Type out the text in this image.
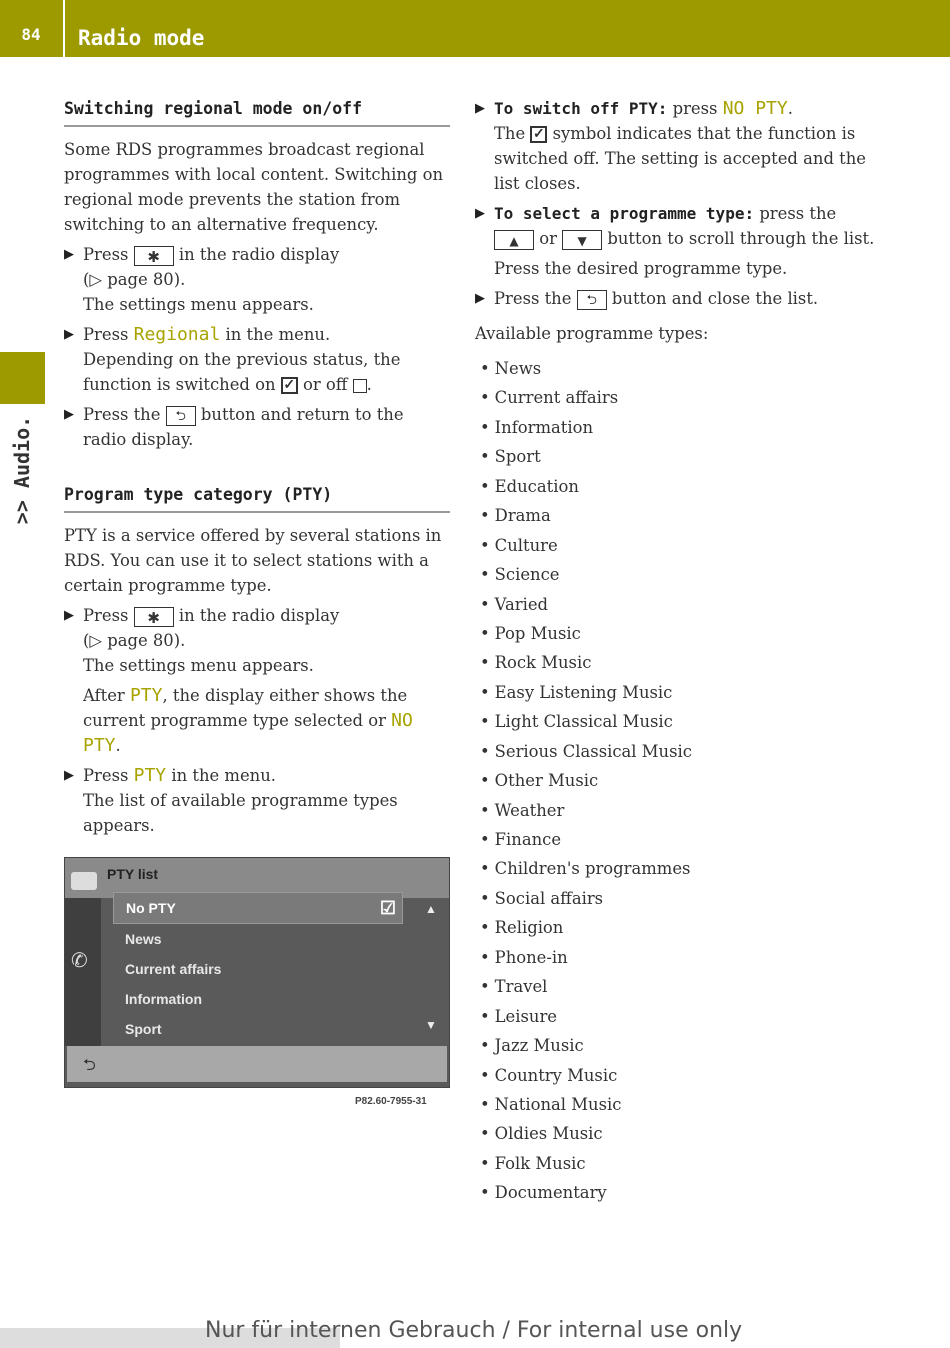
84	Radio mode
>> Audio.
Switching regional mode on/off

Some RDS programmes broadcast regional programmes with local content. Switching on regional mode prevents the station from switching to an alternative frequency.

▶ Press ✱ in the radio display
(▷ page 80).
The settings menu appears.
▶ Press Regional in the menu.
Depending on the previous status, the function is switched on ✓ or off .
▶ Press the ⮌ button and return to the radio display.
Program type category (PTY)

PTY is a service offered by several stations in RDS. You can use it to select stations with a certain programme type.

▶ Press ✱ in the radio display
(▷ page 80).
The settings menu appears.
After PTY, the display either shows the current programme type selected or NO PTY.
▶ Press PTY in the menu.
The list of available programme types appears.
PTY list
✆
No PTY	☑
News
Current affairs
Information
Sport
▲
▼
⮌
P82.60-7955-31
▶ To switch off PTY: press NO PTY.
The ✓ symbol indicates that the function is switched off. The setting is accepted and the list closes.
▶ To select a programme type: press the
▲ or ▼ button to scroll through the list.
Press the desired programme type.
▶ Press the ⮌ button and close the list.

Available programme types:

• News
• Current affairs
• Information
• Sport
• Education
• Drama
• Culture
• Science
• Varied
• Pop Music
• Rock Music
• Easy Listening Music
• Light Classical Music
• Serious Classical Music
• Other Music
• Weather
• Finance
• Children's programmes
• Social affairs
• Religion
• Phone-in
• Travel
• Leisure
• Jazz Music
• Country Music
• National Music
• Oldies Music
• Folk Music
• Documentary
Nur für internen Gebrauch / For internal use only
